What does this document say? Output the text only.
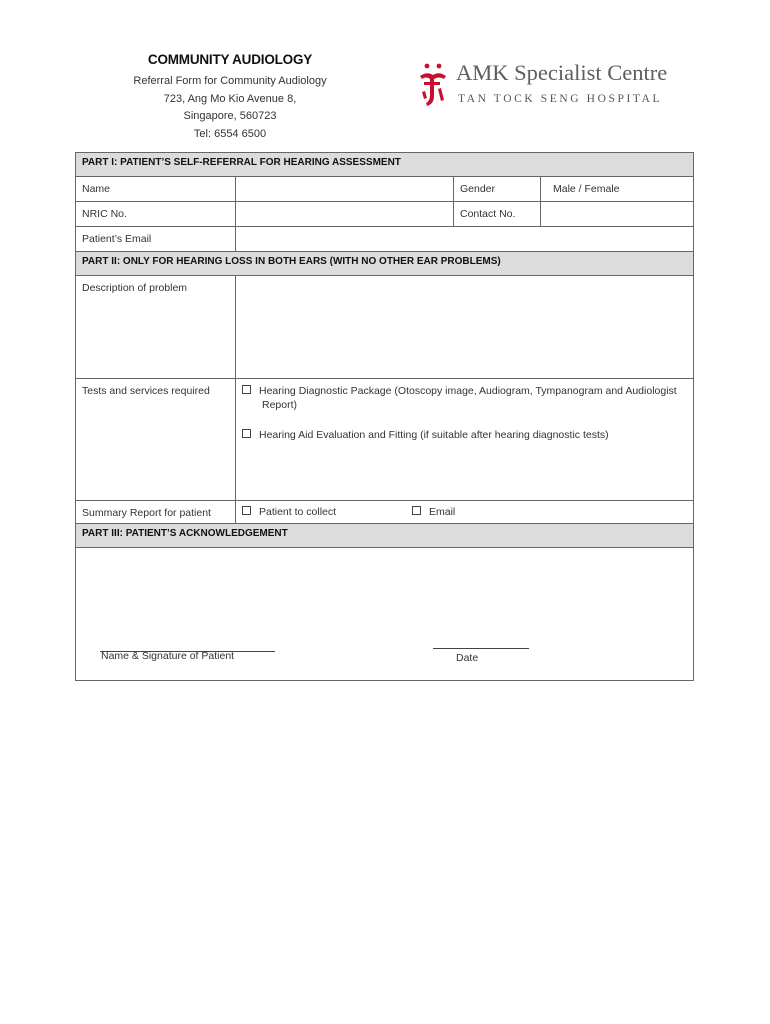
COMMUNITY AUDIOLOGY
Referral Form for Community Audiology
723, Ang Mo Kio Avenue 8,
Singapore, 560723
Tel: 6554 6500
AMK Specialist Centre
TAN TOCK SENG HOSPITAL
PART I: PATIENT’S SELF-REFERRAL FOR HEARING ASSESSMENT
Name	Gender	Male / Female
NRIC No.	Contact No.
Patient’s Email
PART II: ONLY FOR HEARING LOSS IN BOTH EARS (WITH NO OTHER EAR PROBLEMS)
Description of problem
Tests and services required	Hearing Diagnostic Package (Otoscopy image, Audiogram, Tympanogram and Audiologist
Report)
Hearing Aid Evaluation and Fitting (if suitable after hearing diagnostic tests)
Summary Report for patient	Patient to collect	Email
PART III: PATIENT’S ACKNOWLEDGEMENT
Name & Signature of Patient	Date
